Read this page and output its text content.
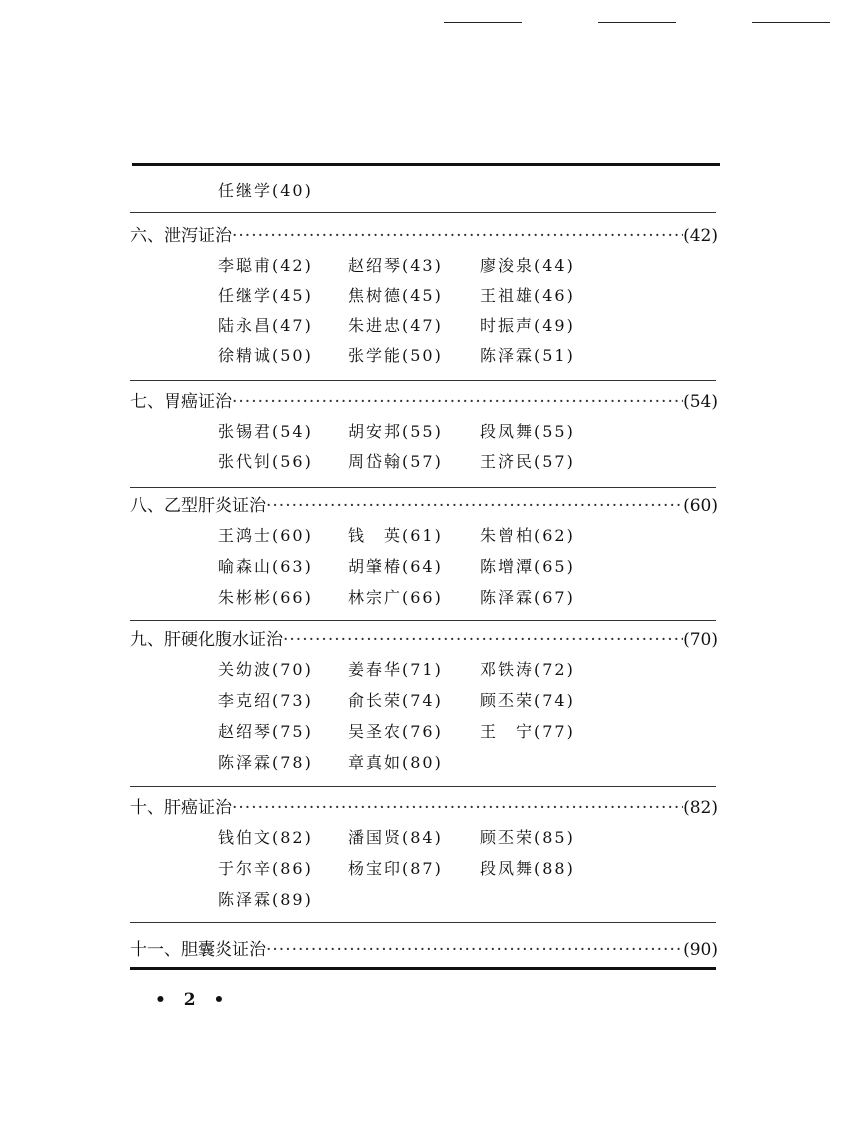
任继学(40)
六、泄泻证治 ·····	(42)
李聪甫(42) 赵绍琴(43) 廖浚泉(44)
任继学(45) 焦树德(45) 王祖雄(46)
陆永昌(47) 朱进忠(47) 时振声(49)
徐精诚(50) 张学能(50) 陈泽霖(51)
七、胃癌证治 ·····	(54)
张锡君(54) 胡安邦(55) 段凤舞(55)
张代钊(56) 周岱翰(57) 王济民(57)
八、乙型肝炎证治 ·····	(60)
王鸿士(60) 钱　英(61) 朱曾柏(62)
喻森山(63) 胡肇椿(64) 陈增潭(65)
朱彬彬(66) 林宗广(66) 陈泽霖(67)
九、肝硬化腹水证治 ·····	(70)
关幼波(70) 姜春华(71) 邓铁涛(72)
李克绍(73) 俞长荣(74) 顾丕荣(74)
赵绍琴(75) 吴圣农(76) 王　宁(77)
陈泽霖(78) 章真如(80)
十、肝癌证治 ·····	(82)
钱伯文(82) 潘国贤(84) 顾丕荣(85)
于尔辛(86) 杨宝印(87) 段凤舞(88)
陈泽霖(89)
十一、胆囊炎证治 ·····	(90)
• 2 •
